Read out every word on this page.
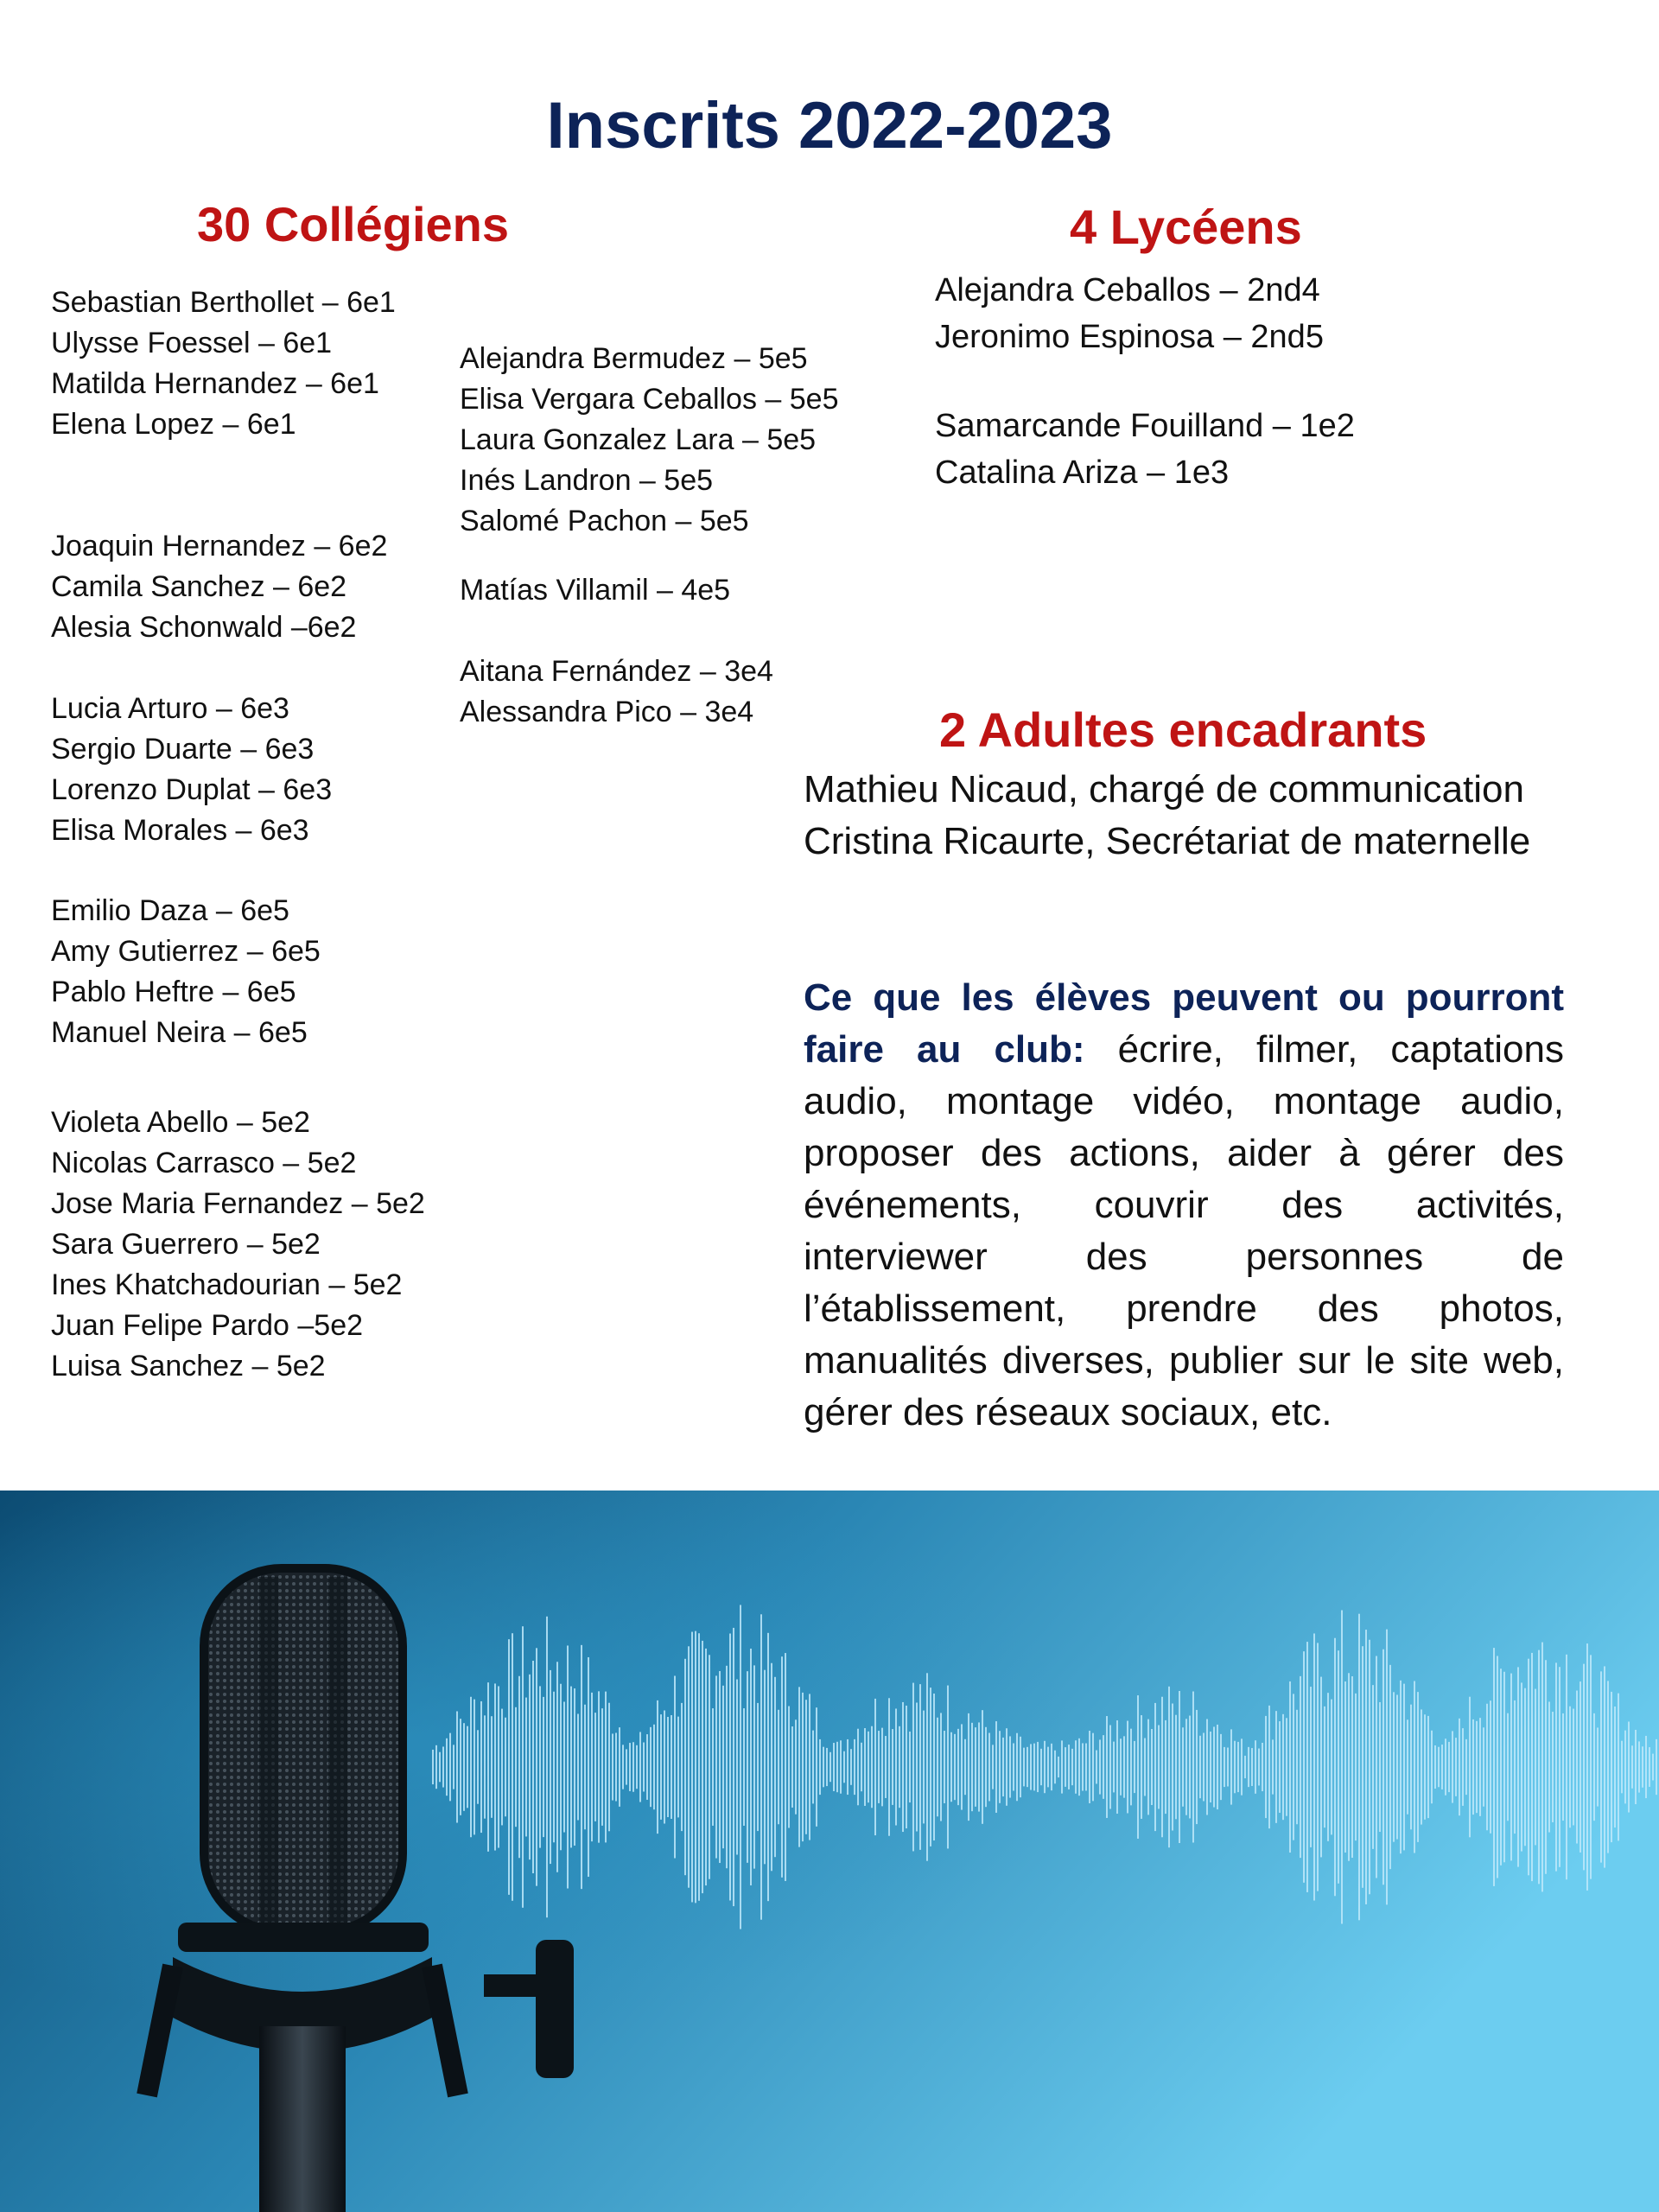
Inscrits 2022-2023
30 Collégiens
Sebastian Berthollet – 6e1
Ulysse Foessel – 6e1
Matilda Hernandez – 6e1
Elena Lopez – 6e1
Joaquin Hernandez – 6e2
Camila Sanchez – 6e2
Alesia Schonwald –6e2
Lucia Arturo – 6e3
Sergio Duarte – 6e3
Lorenzo Duplat – 6e3
Elisa Morales – 6e3
Emilio Daza – 6e5
Amy Gutierrez – 6e5
Pablo Heftre – 6e5
Manuel Neira – 6e5
Violeta Abello – 5e2
Nicolas Carrasco – 5e2
Jose Maria Fernandez – 5e2
Sara Guerrero – 5e2
Ines Khatchadourian – 5e2
Juan Felipe Pardo –5e2
Luisa Sanchez – 5e2
Alejandra Bermudez – 5e5
Elisa Vergara Ceballos – 5e5
Laura Gonzalez Lara – 5e5
Inés Landron – 5e5
Salomé Pachon – 5e5
Matías Villamil – 4e5
Aitana Fernández – 3e4
Alessandra Pico – 3e4
4 Lycéens
Alejandra Ceballos – 2nd4
Jeronimo Espinosa – 2nd5
Samarcande Fouilland – 1e2
Catalina Ariza – 1e3
2 Adultes encadrants
Mathieu Nicaud, chargé de communication
Cristina Ricaurte, Secrétariat de maternelle
Ce que les élèves peuvent ou pourront faire au club: écrire, filmer, captations audio, montage vidéo, montage audio, proposer des actions, aider à gérer des événements, couvrir des activités, interviewer des personnes de l’établissement, prendre des photos, manualités diverses, publier sur le site web, gérer des réseaux sociaux, etc.
